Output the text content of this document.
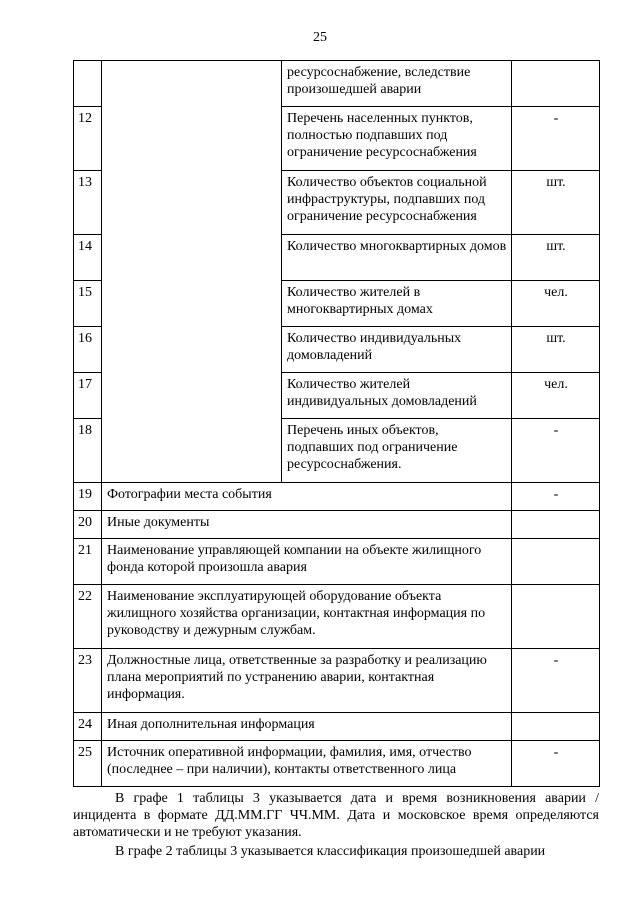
25
		ресурсоснабжение, вследствие произошедшей аварии	
12		Перечень населенных пунктов, полностью подпавших под ограничение ресурсоснабжения	-
13		Количество объектов социальной инфраструктуры, подпавших под ограничение ресурсоснабжения	шт.
14		Количество многоквартирных домов	шт.
15		Количество жителей в многоквартирных домах	чел.
16		Количество индивидуальных домовладений	шт.
17		Количество жителей индивидуальных домовладений	чел.
18		Перечень иных объектов, подпавших под ограничение ресурсоснабжения.	-
19	Фотографии места события		-
20	Иные документы		
21	Наименование управляющей компании на объекте жилищного фонда которой произошла авария		
22	Наименование эксплуатирующей оборудование объекта жилищного хозяйства организации, контактная информация по руководству и дежурным службам.		
23	Должностные лица, ответственные за разработку и реализацию плана мероприятий по устранению аварии, контактная информация.		-
24	Иная дополнительная информация		
25	Источник оперативной информации, фамилия, имя, отчество (последнее – при наличии), контакты ответственного лица		-

В графе 1 таблицы 3 указывается дата и время возникновения аварии / инцидента в формате ДД.ММ.ГГ ЧЧ.ММ. Дата и московское время определяются автоматически и не требуют указания.

В графе 2 таблицы 3 указывается классификация произошедшей аварии
